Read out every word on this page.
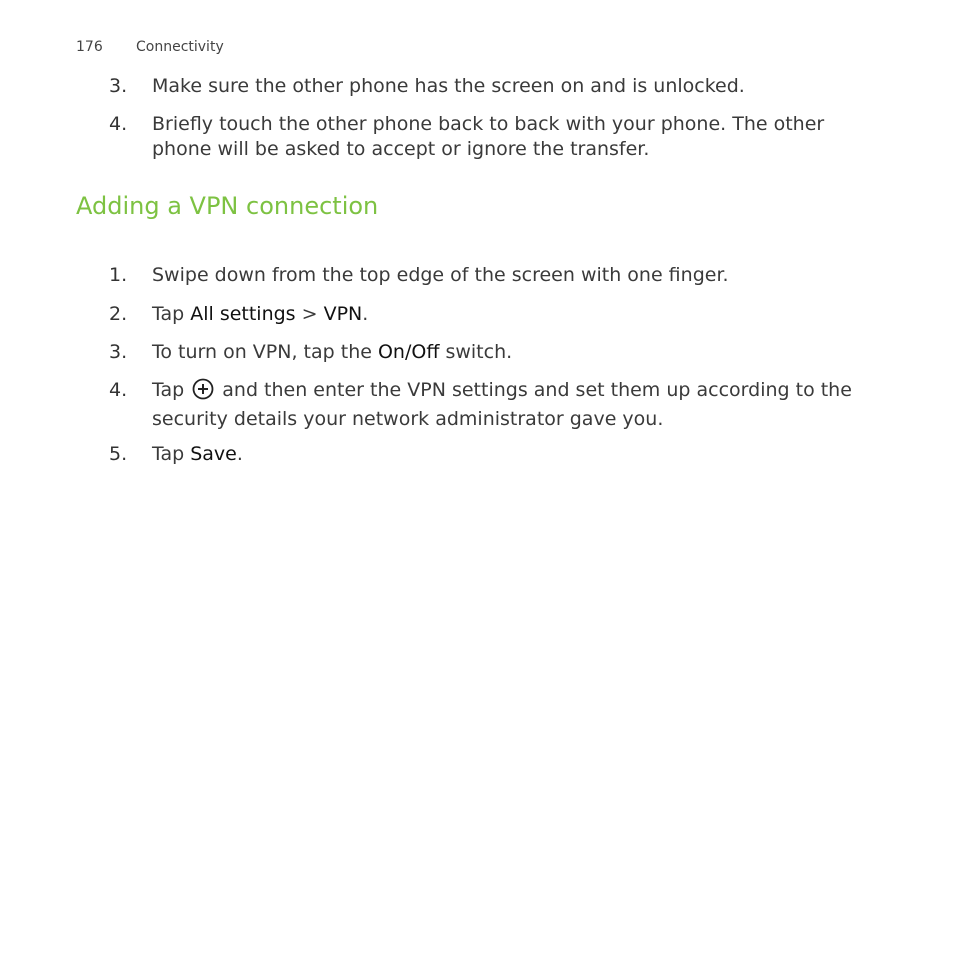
176 Connectivity
3. Make sure the other phone has the screen on and is unlocked.
4. Briefly touch the other phone back to back with your phone. The other phone will be asked to accept or ignore the transfer.
Adding a VPN connection
1. Swipe down from the top edge of the screen with one finger.
2. Tap All settings > VPN.
3. To turn on VPN, tap the On/Off switch.
4. Tap  and then enter the VPN settings and set them up according to the security details your network administrator gave you.
5. Tap Save.
